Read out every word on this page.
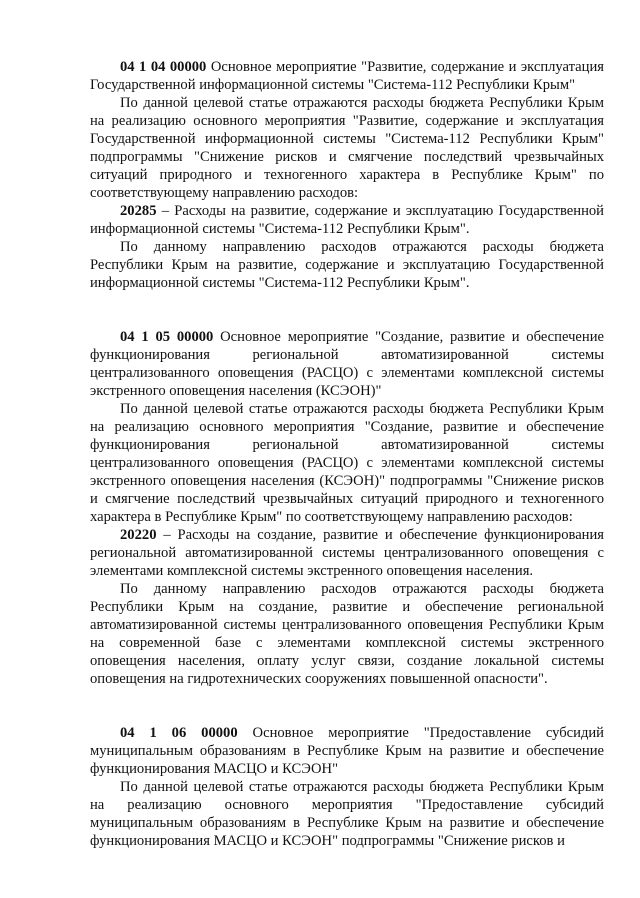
04 1 04 00000 Основное мероприятие "Развитие, содержание и эксплуатация Государственной информационной системы "Система-112 Республики Крым"

По данной целевой статье отражаются расходы бюджета Республики Крым на реализацию основного мероприятия "Развитие, содержание и эксплуатация Государственной информационной системы "Система-112 Республики Крым" подпрограммы "Снижение рисков и смягчение последствий чрезвычайных ситуаций природного и техногенного характера в Республике Крым" по соответствующему направлению расходов:

20285 – Расходы на развитие, содержание и эксплуатацию Государственной информационной системы "Система-112 Республики Крым".

По данному направлению расходов отражаются расходы бюджета Республики Крым на развитие, содержание и эксплуатацию Государственной информационной системы "Система-112 Республики Крым".

04 1 05 00000 Основное мероприятие "Создание, развитие и обеспечение функционирования региональной автоматизированной системы централизованного оповещения (РАСЦО) с элементами комплексной системы экстренного оповещения населения (КСЭОН)"

По данной целевой статье отражаются расходы бюджета Республики Крым на реализацию основного мероприятия "Создание, развитие и обеспечение функционирования региональной автоматизированной системы централизованного оповещения (РАСЦО) с элементами комплексной системы экстренного оповещения населения (КСЭОН)" подпрограммы "Снижение рисков и смягчение последствий чрезвычайных ситуаций природного и техногенного характера в Республике Крым" по соответствующему направлению расходов:

20220 – Расходы на создание, развитие и обеспечение функционирования региональной автоматизированной системы централизованного оповещения с элементами комплексной системы экстренного оповещения населения.

По данному направлению расходов отражаются расходы бюджета Республики Крым на создание, развитие и обеспечение региональной автоматизированной системы централизованного оповещения Республики Крым на современной базе с элементами комплексной системы экстренного оповещения населения, оплату услуг связи, создание локальной системы оповещения на гидротехнических сооружениях повышенной опасности".

04 1 06 00000 Основное мероприятие "Предоставление субсидий муниципальным образованиям в Республике Крым на развитие и обеспечение функционирования МАСЦО и КСЭОН"

По данной целевой статье отражаются расходы бюджета Республики Крым на реализацию основного мероприятия "Предоставление субсидий муниципальным образованиям в Республике Крым на развитие и обеспечение функционирования МАСЦО и КСЭОН" подпрограммы "Снижение рисков и
